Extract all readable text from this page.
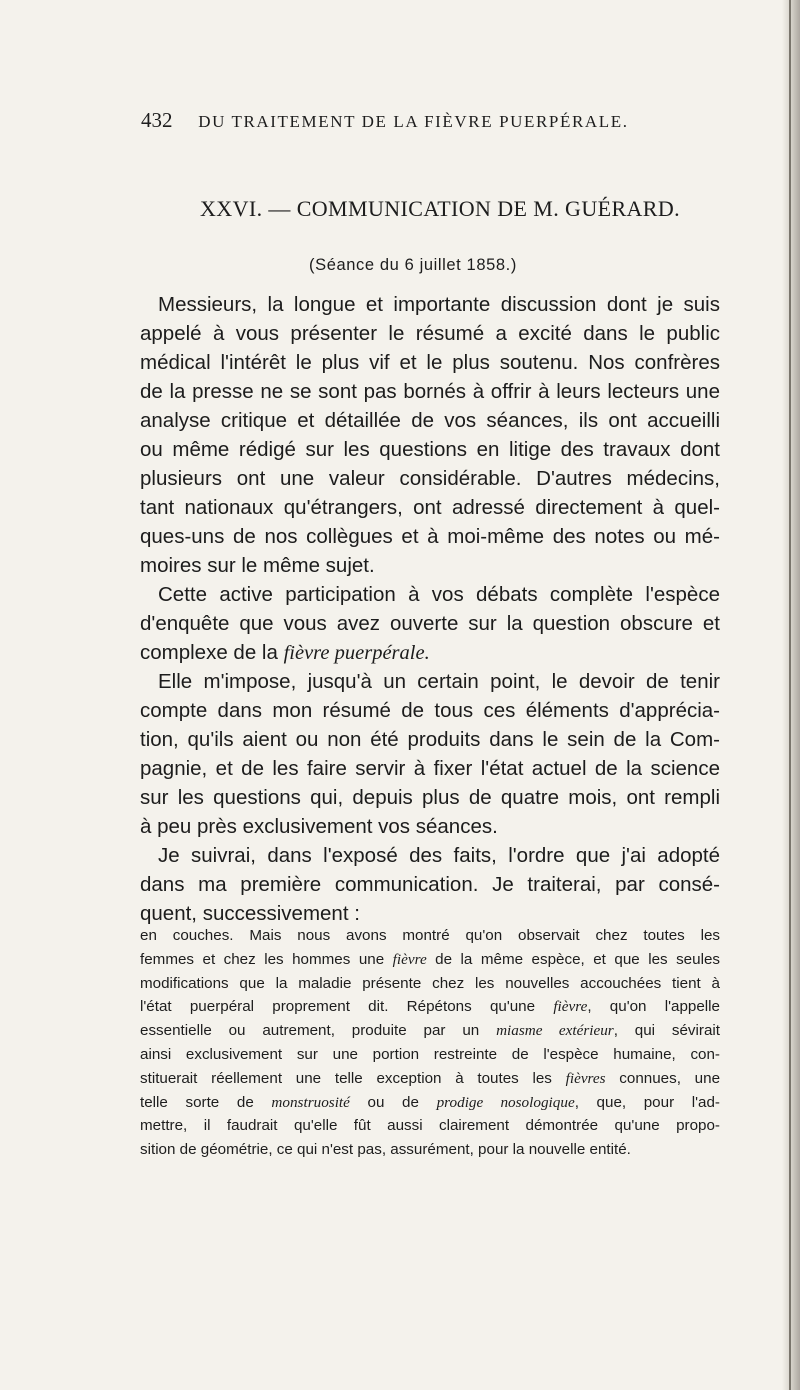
432 DU TRAITEMENT DE LA FIÈVRE PUERPÉRALE.
XXVI. — COMMUNICATION DE M. GUÉRARD.
(Séance du 6 juillet 1858.)
Messieurs, la longue et importante discussion dont je suis
appelé à vous présenter le résumé a excité dans le public
médical l'intérêt le plus vif et le plus soutenu. Nos confrères
de la presse ne se sont pas bornés à offrir à leurs lecteurs une
analyse critique et détaillée de vos séances, ils ont accueilli
ou même rédigé sur les questions en litige des travaux dont
plusieurs ont une valeur considérable. D'autres médecins,
tant nationaux qu'étrangers, ont adressé directement à quel-
ques-uns de nos collègues et à moi-même des notes ou mé-
moires sur le même sujet.
Cette active participation à vos débats complète l'espèce
d'enquête que vous avez ouverte sur la question obscure et
complexe de la fièvre puerpérale.
Elle m'impose, jusqu'à un certain point, le devoir de tenir
compte dans mon résumé de tous ces éléments d'apprécia-
tion, qu'ils aient ou non été produits dans le sein de la Com-
pagnie, et de les faire servir à fixer l'état actuel de la science
sur les questions qui, depuis plus de quatre mois, ont rempli
à peu près exclusivement vos séances.
Je suivrai, dans l'exposé des faits, l'ordre que j'ai adopté
dans ma première communication. Je traiterai, par consé-
quent, successivement :
en couches. Mais nous avons montré qu'on observait chez toutes les
femmes et chez les hommes une fièvre de la même espèce, et que les seules
modifications que la maladie présente chez les nouvelles accouchées tient à
l'état puerpéral proprement dit. Répétons qu'une fièvre, qu'on l'appelle
essentielle ou autrement, produite par un miasme extérieur, qui sévirait
ainsi exclusivement sur une portion restreinte de l'espèce humaine, con-
stituerait réellement une telle exception à toutes les fièvres connues, une
telle sorte de monstruosité ou de prodige nosologique, que, pour l'ad-
mettre, il faudrait qu'elle fût aussi clairement démontrée qu'une propo-
sition de géométrie, ce qui n'est pas, assurément, pour la nouvelle entité.
